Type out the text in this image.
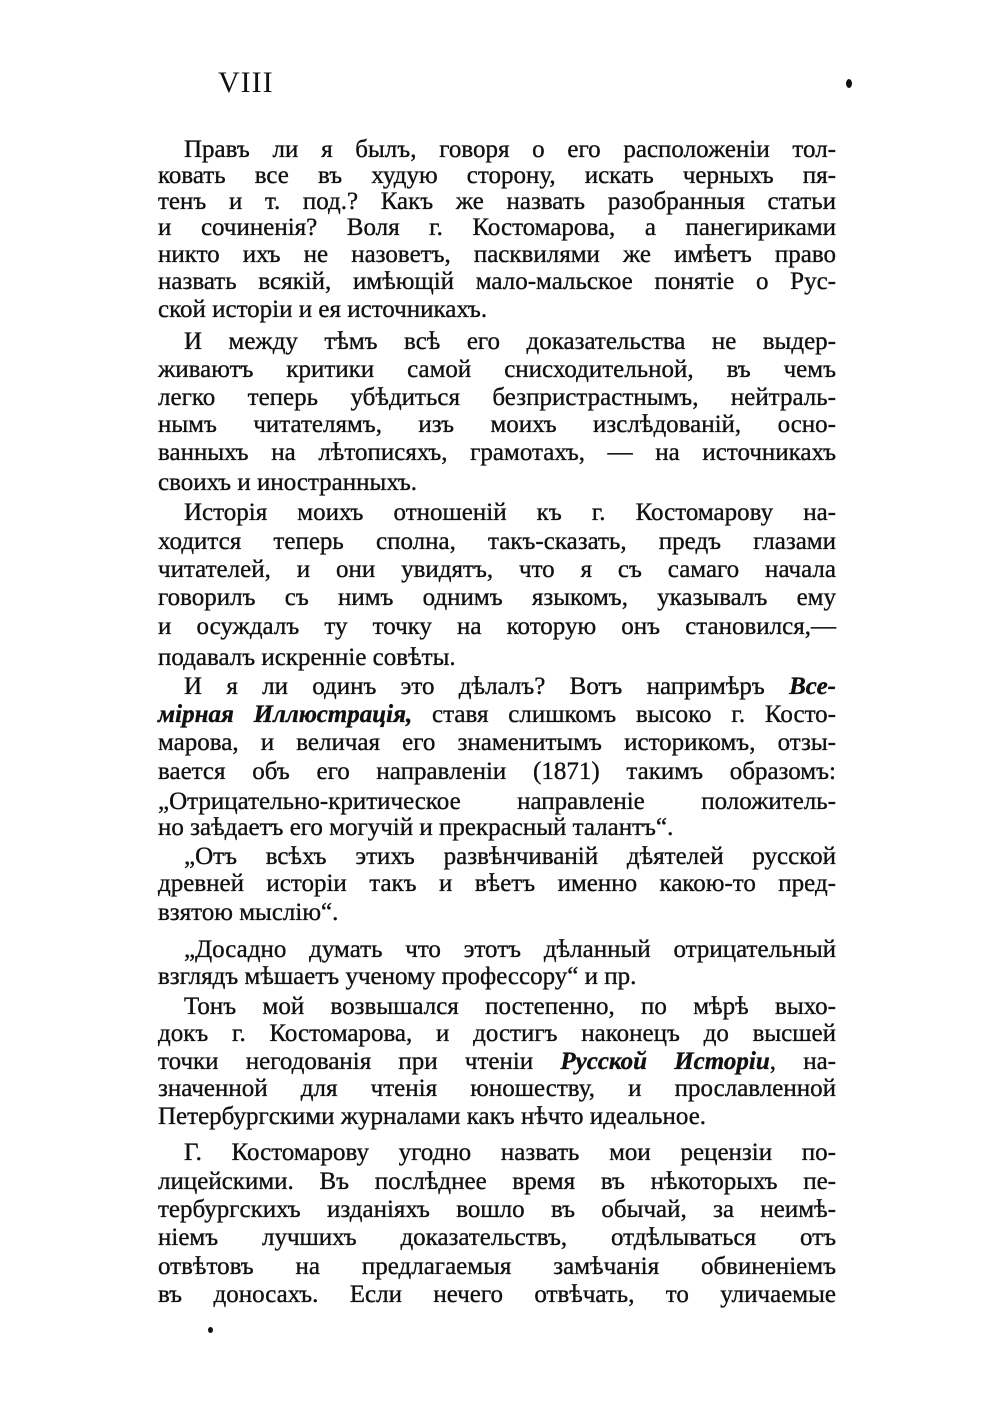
VIII
Правъ ли я былъ, говоря о его расположеніи тол-
ковать все въ худую сторону, искать черныхъ пя-
тенъ и т. под.? Какъ же назвать разобранныя статьи
и сочиненія? Воля г. Костомарова, а панегириками
никто ихъ не назоветъ, пасквилями же имѣетъ право
назвать всякій, имѣющій мало-мальское понятіе о Рус-
ской исторіи и ея источникахъ.
И между тѣмъ всѣ его доказательства не выдер-
живаютъ критики самой снисходительной, въ чемъ
легко теперь убѣдиться безпристрастнымъ, нейтраль-
нымъ читателямъ, изъ моихъ изслѣдованій, осно-
ванныхъ на лѣтописяхъ, грамотахъ, — на источникахъ
своихъ и иностранныхъ.
Исторія моихъ отношеній къ г. Костомарову на-
ходится теперь сполна, такъ-сказать, предъ глазами
читателей, и они увидятъ, что я съ самаго начала
говорилъ съ нимъ однимъ языкомъ, указывалъ ему
и осуждалъ ту точку на которую онъ становился,—
подавалъ искренніе совѣты.
И я ли одинъ это дѣлалъ? Вотъ напримѣръ Все-
мірная Иллюстрація, ставя слишкомъ высоко г. Косто-
марова, и величая его знаменитымъ историкомъ, отзы-
вается объ его направленіи (1871) такимъ образомъ:
„Отрицательно-критическое направленіе положитель-
но заѣдаетъ его могучій и прекрасный талантъ“.
„Отъ всѣхъ этихъ развѣнчиваній дѣятелей русской
древней исторіи такъ и вѣетъ именно какою-то пред-
взятою мыслію“.
„Досадно думать что этотъ дѣланный отрицательный
взглядъ мѣшаетъ ученому профессору“ и пр.
Тонъ мой возвышался постепенно, по мѣрѣ выхо-
докъ г. Костомарова, и достигъ наконецъ до высшей
точки негодованія при чтеніи Русской Исторіи, на-
значенной для чтенія юношеству, и прославленной
Петербургскими журналами какъ нѣчто идеальное.
Г. Костомарову угодно назвать мои рецензіи по-
лицейскими. Въ послѣднее время въ нѣкоторыхъ пе-
тербургскихъ изданіяхъ вошло въ обычай, за неимѣ-
ніемъ лучшихъ доказательствъ, отдѣлываться отъ
отвѣтовъ на предлагаемыя замѣчанія обвиненіемъ
въ доносахъ. Если нечего отвѣчать, то уличаемые
